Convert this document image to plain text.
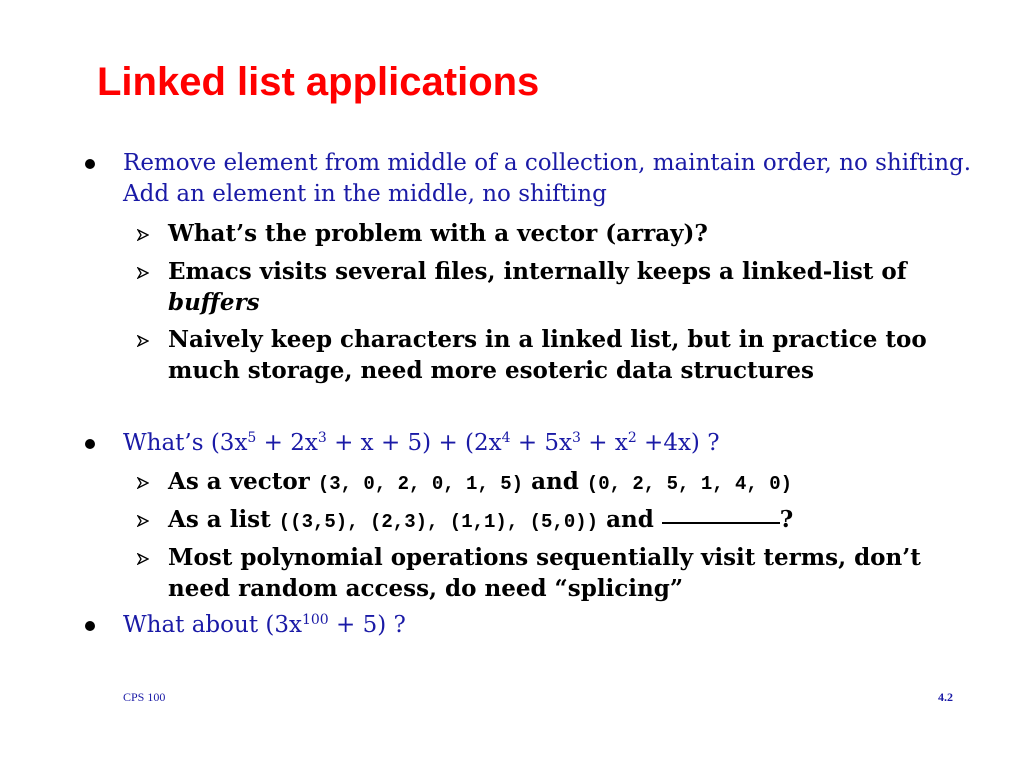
Linked list applications
Remove element from middle of a collection, maintain order, no shifting. Add an element in the middle, no shifting
What’s the problem with a vector (array)?
Emacs visits several files, internally keeps a linked-list of
buffers
Naively keep characters in a linked list, but in practice too much storage, need more esoteric data structures
What’s $(3x^5 + 2x^3 + x + 5) + (2x^4 + 5x^3 + x^2 +4x)$ ?
As a vector (3, 0, 2, 0, 1, 5) and (0, 2, 5, 1, 4, 0)
As a list ((3,5), (2,3), (1,1), (5,0)) and	?
Most polynomial operations sequentially visit terms, don’t need random access, do need “splicing”
What about $(3x^{100} + 5)$ ?
CPS 100	4.2
